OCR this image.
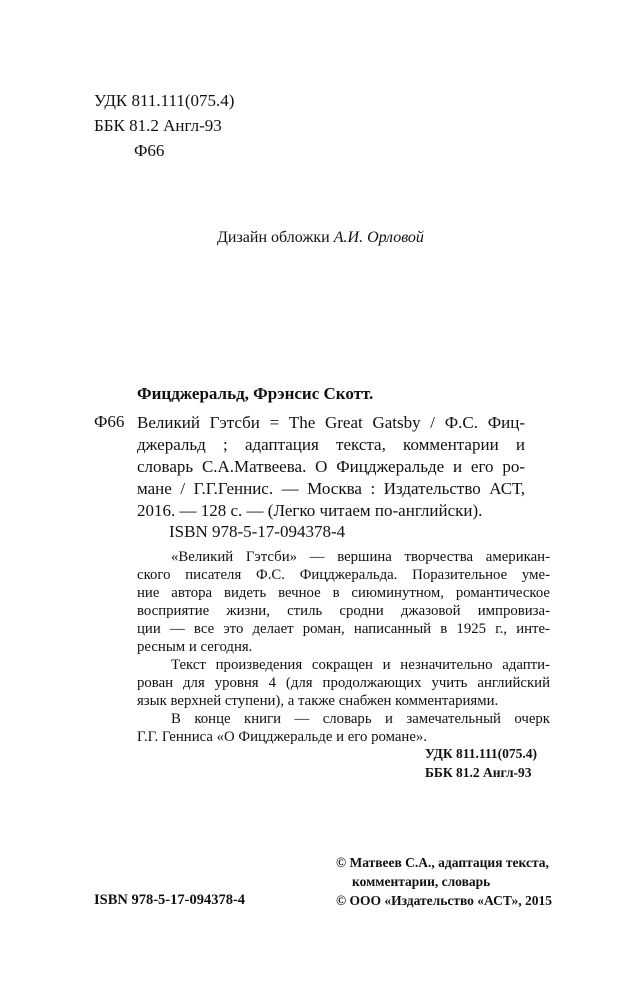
УДК 811.111(075.4)
ББК 81.2 Англ-93
Ф66
Дизайн обложки А.И. Орловой
Фицджеральд, Фрэнсис Скотт.
Ф66 Великий Гэтсби = The Great Gatsby / Ф.С. Фиц-
джеральд ; адаптация текста, комментарии и
словарь С.А.Матвеева. О Фицджеральде и его ро-
мане / Г.Г.Геннис. — Москва : Издательство АСТ,
2016. — 128 с. — (Легко читаем по-английски).
ISBN 978-5-17-094378-4
«Великий Гэтсби» — вершина творчества американ-
ского писателя Ф.С. Фицджеральда. Поразительное уме-
ние автора видеть вечное в сиюминутном, романтическое
восприятие жизни, стиль сродни джазовой импровиза-
ции — все это делает роман, написанный в 1925 г., инте-
ресным и сегодня.
Текст произведения сокращен и незначительно адапти-
рован для уровня 4 (для продолжающих учить английский
язык верхней ступени), а также снабжен комментариями.
В конце книги — словарь и замечательный очерк
Г.Г. Генниса «О Фицджеральде и его романе».
УДК 811.111(075.4)
ББК 81.2 Англ-93
© Матвеев С.А., адаптация текста,
комментарии, словарь
© ООО «Издательство «АСТ», 2015
ISBN 978-5-17-094378-4
